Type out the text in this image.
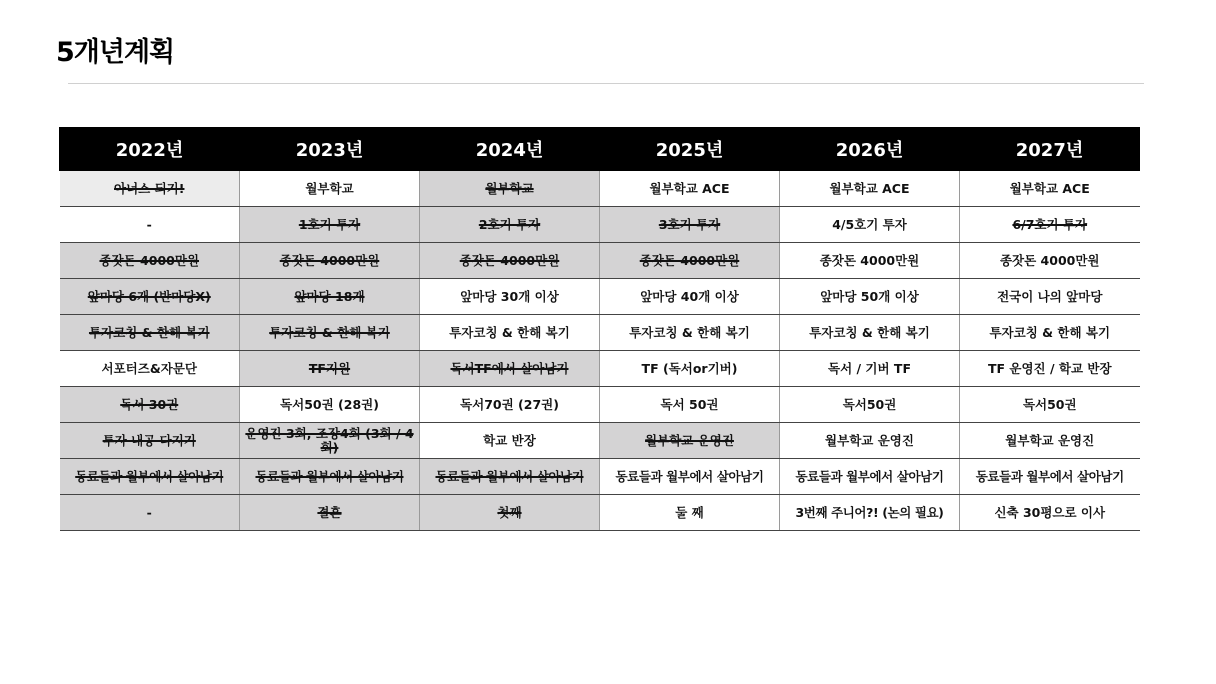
5개년계획
2022년	2023년	2024년	2025년	2026년	2027년
아너스 되기!	월부학교	월부학교	월부학교 ACE	월부학교 ACE	월부학교 ACE
-	1호기 투자	2호기 투자	3호기 투자	4/5호기 투자	6/7호기 투자
종잣돈 4000만원	종잣돈 4000만원	종잣돈 4000만원	종잣돈 4000만원	종잣돈 4000만원	종잣돈 4000만원
앞마당 6개 (반마당X)	앞마당 18개	앞마당 30개 이상	앞마당 40개 이상	앞마당 50개 이상	전국이 나의 앞마당
투자코칭 & 한해 복기	투자코칭 & 한해 복기	투자코칭 & 한해 복기	투자코칭 & 한해 복기	투자코칭 & 한해 복기	투자코칭 & 한해 복기
서포터즈&자문단	TF지원	독서TF에서 살아남기	TF (독서or기버)	독서 / 기버 TF	TF 운영진 / 학교 반장
독서 30권	독서50권 (28권)	독서70권 (27권)	독서 50권	독서50권	독서50권
투자 내공 다지기	운영진 3회, 조장4회 (3회 / 4회)	학교 반장	월부학교 운영진	월부학교 운영진	월부학교 운영진
동료들과 월부에서 살아남기	동료들과 월부에서 살아남기	동료들과 월부에서 살아남기	동료들과 월부에서 살아남기	동료들과 월부에서 살아남기	동료들과 월부에서 살아남기
-	결혼	첫째	둘 째	3번째 주니어?! (논의 필요)	신축 30평으로 이사
